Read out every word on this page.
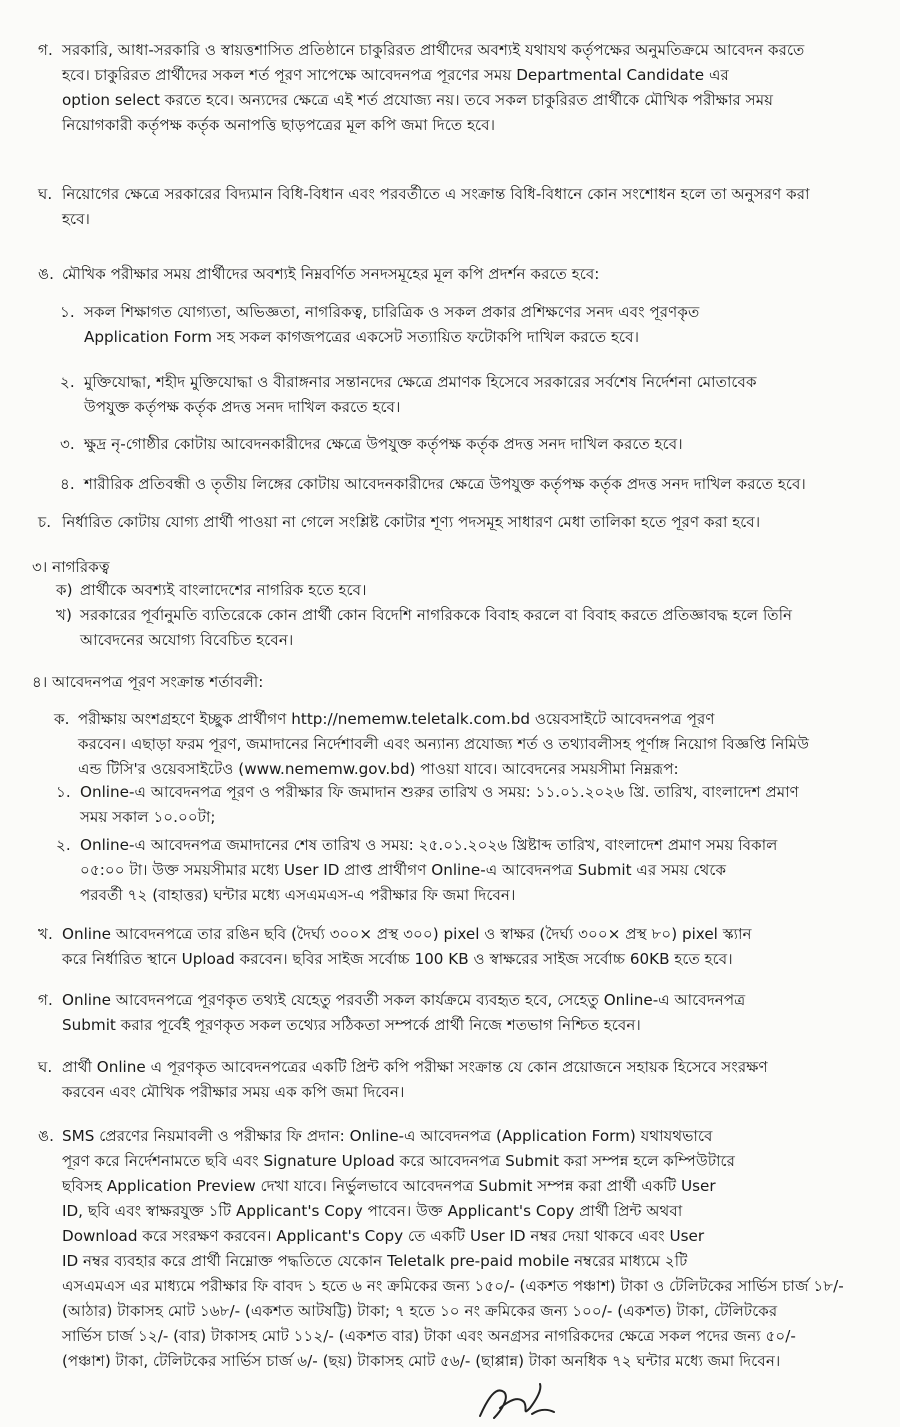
গ. সরকারি, আধা-সরকারি ও স্বায়ত্তশাসিত প্রতিষ্ঠানে চাকুরিরত প্রার্থীদের অবশ্যই যথাযথ কর্তৃপক্ষের অনুমতিক্রমে আবেদন করতে
হবে। চাকুরিরত প্রার্থীদের সকল শর্ত পূরণ সাপেক্ষে আবেদনপত্র পূরণের সময় Departmental Candidate এর
option select করতে হবে। অন্যদের ক্ষেত্রে এই শর্ত প্রযোজ্য নয়। তবে সকল চাকুরিরত প্রার্থীকে মৌখিক পরীক্ষার সময়
নিয়োগকারী কর্তৃপক্ষ কর্তৃক অনাপত্তি ছাড়পত্রের মূল কপি জমা দিতে হবে।
ঘ. নিয়োগের ক্ষেত্রে সরকারের বিদ্যমান বিধি-বিধান এবং পরবর্তীতে এ সংক্রান্ত বিধি-বিধানে কোন সংশোধন হলে তা অনুসরণ করা
হবে।
ঙ. মৌখিক পরীক্ষার সময় প্রার্থীদের অবশ্যই নিম্নবর্ণিত সনদসমূহের মূল কপি প্রদর্শন করতে হবে:
১. সকল শিক্ষাগত যোগ্যতা, অভিজ্ঞতা, নাগরিকত্ব, চারিত্রিক ও সকল প্রকার প্রশিক্ষণের সনদ এবং পূরণকৃত
Application Form সহ সকল কাগজপত্রের একসেট সত্যায়িত ফটোকপি দাখিল করতে হবে।
২. মুক্তিযোদ্ধা, শহীদ মুক্তিযোদ্ধা ও বীরাঙ্গনার সন্তানদের ক্ষেত্রে প্রমাণক হিসেবে সরকারের সর্বশেষ নির্দেশনা মোতাবেক
উপযুক্ত কর্তৃপক্ষ কর্তৃক প্রদত্ত সনদ দাখিল করতে হবে।
৩. ক্ষুদ্র নৃ-গোষ্ঠীর কোটায় আবেদনকারীদের ক্ষেত্রে উপযুক্ত কর্তৃপক্ষ কর্তৃক প্রদত্ত সনদ দাখিল করতে হবে।
৪. শারীরিক প্রতিবন্ধী ও তৃতীয় লিঙ্গের কোটায় আবেদনকারীদের ক্ষেত্রে উপযুক্ত কর্তৃপক্ষ কর্তৃক প্রদত্ত সনদ দাখিল করতে হবে।
চ. নির্ধারিত কোটায় যোগ্য প্রার্থী পাওয়া না গেলে সংশ্লিষ্ট কোটার শূণ্য পদসমূহ সাধারণ মেধা তালিকা হতে পূরণ করা হবে।
৩। নাগরিকত্ব
ক) প্রার্থীকে অবশ্যই বাংলাদেশের নাগরিক হতে হবে।
খ) সরকারের পূর্বানুমতি ব্যতিরেকে কোন প্রার্থী কোন বিদেশি নাগরিককে বিবাহ করলে বা বিবাহ করতে প্রতিজ্ঞাবদ্ধ হলে তিনি
আবেদনের অযোগ্য বিবেচিত হবেন।
৪। আবেদনপত্র পূরণ সংক্রান্ত শর্তাবলী:
ক. পরীক্ষায় অংশগ্রহণে ইচ্ছুক প্রার্থীগণ http://nememw.teletalk.com.bd ওয়েবসাইটে আবেদনপত্র পূরণ
করবেন। এছাড়া ফরম পূরণ, জমাদানের নির্দেশাবলী এবং অন্যান্য প্রযোজ্য শর্ত ও তথ্যাবলীসহ পূর্ণাঙ্গ নিয়োগ বিজ্ঞপ্তি নিমিউ
এন্ড টিসি'র ওয়েবসাইটেও (www.nememw.gov.bd) পাওয়া যাবে। আবেদনের সময়সীমা নিম্নরূপ:
১. Online-এ আবেদনপত্র পূরণ ও পরীক্ষার ফি জমাদান শুরুর তারিখ ও সময়: ১১.০১.২০২৬ খ্রি. তারিখ, বাংলাদেশ প্রমাণ
সময় সকাল ১০.০০টা;
২. Online-এ আবেদনপত্র জমাদানের শেষ তারিখ ও সময়: ২৫.০১.২০২৬ খ্রিষ্টাব্দ তারিখ, বাংলাদেশ প্রমাণ সময় বিকাল
০৫:০০ টা। উক্ত সময়সীমার মধ্যে User ID প্রাপ্ত প্রার্থীগণ Online-এ আবেদনপত্র Submit এর সময় থেকে
পরবর্তী ৭২ (বাহাত্তর) ঘন্টার মধ্যে এসএমএস-এ পরীক্ষার ফি জমা দিবেন।
খ. Online আবেদনপত্রে তার রঙিন ছবি (দৈর্ঘ্য ৩০০× প্রস্থ ৩০০) pixel ও স্বাক্ষর (দৈর্ঘ্য ৩০০× প্রস্থ ৮০) pixel স্ক্যান
করে নির্ধারিত স্থানে Upload করবেন। ছবির সাইজ সর্বোচ্চ 100 KB ও স্বাক্ষরের সাইজ সর্বোচ্চ 60KB হতে হবে।
গ. Online আবেদনপত্রে পূরণকৃত তথ্যই যেহেতু পরবর্তী সকল কার্যক্রমে ব্যবহৃত হবে, সেহেতু Online-এ আবেদনপত্র
Submit করার পূর্বেই পূরণকৃত সকল তথ্যের সঠিকতা সম্পর্কে প্রার্থী নিজে শতভাগ নিশ্চিত হবেন।
ঘ. প্রার্থী Online এ পূরণকৃত আবেদনপত্রের একটি প্রিন্ট কপি পরীক্ষা সংক্রান্ত যে কোন প্রয়োজনে সহায়ক হিসেবে সংরক্ষণ
করবেন এবং মৌখিক পরীক্ষার সময় এক কপি জমা দিবেন।
ঙ. SMS প্রেরণের নিয়মাবলী ও পরীক্ষার ফি প্রদান: Online-এ আবেদনপত্র (Application Form) যথাযথভাবে
পূরণ করে নির্দেশনামতে ছবি এবং Signature Upload করে আবেদনপত্র Submit করা সম্পন্ন হলে কম্পিউটারে
ছবিসহ Application Preview দেখা যাবে। নির্ভুলভাবে আবেদনপত্র Submit সম্পন্ন করা প্রার্থী একটি User
ID, ছবি এবং স্বাক্ষরযুক্ত ১টি Applicant's Copy পাবেন। উক্ত Applicant's Copy প্রার্থী প্রিন্ট অথবা
Download করে সংরক্ষণ করবেন। Applicant's Copy তে একটি User ID নম্বর দেয়া থাকবে এবং User
ID নম্বর ব্যবহার করে প্রার্থী নিম্নোক্ত পদ্ধতিতে যেকোন Teletalk pre-paid mobile নম্বরের মাধ্যমে ২টি
এসএমএস এর মাধ্যমে পরীক্ষার ফি বাবদ ১ হতে ৬ নং ক্রমিকের জন্য ১৫০/- (একশত পঞ্চাশ) টাকা ও টেলিটকের সার্ভিস চার্জ ১৮/-
(আঠার) টাকাসহ মোট ১৬৮/- (একশত আটষট্টি) টাকা; ৭ হতে ১০ নং ক্রমিকের জন্য ১০০/- (একশত) টাকা, টেলিটকের
সার্ভিস চার্জ ১২/- (বার) টাকাসহ মোট ১১২/- (একশত বার) টাকা এবং অনগ্রসর নাগরিকদের ক্ষেত্রে সকল পদের জন্য ৫০/-
(পঞ্চাশ) টাকা, টেলিটকের সার্ভিস চার্জ ৬/- (ছয়) টাকাসহ মোট ৫৬/- (ছাপ্পান্ন) টাকা অনধিক ৭২ ঘন্টার মধ্যে জমা দিবেন।
